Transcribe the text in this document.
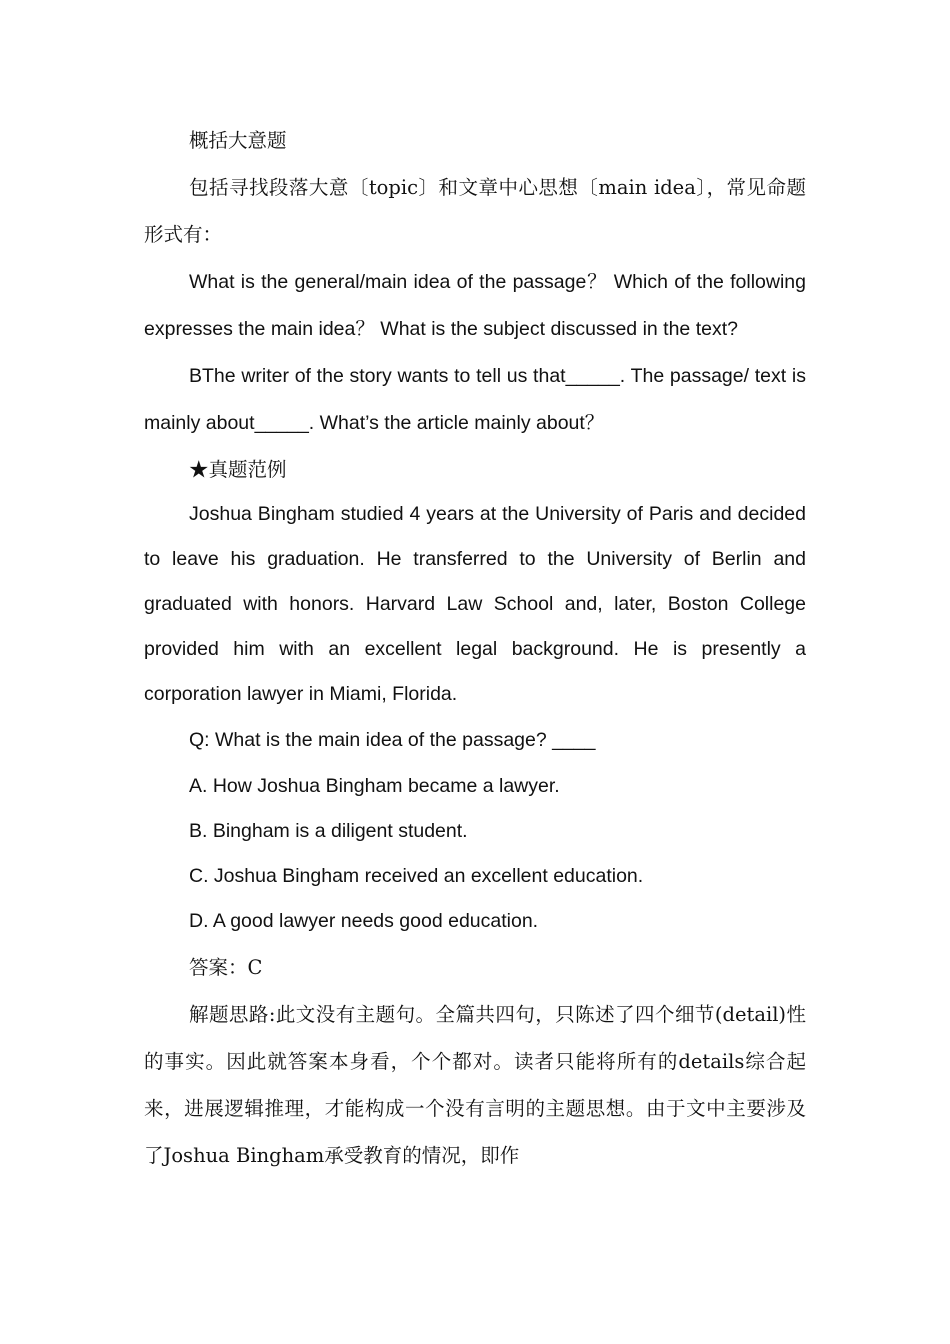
概括大意题

包括寻找段落大意〔topic〕和文章中心思想〔main idea〕，常见命题形式有：

What is the general/main idea of the passage？ Which of the following expresses the main idea？ What is the subject discussed in the text?

BThe writer of the story wants to tell us that_____. The passage/ text is mainly about_____. What’s the article mainly about？

★真题范例

Joshua Bingham studied 4 years at the University of Paris and decided to leave his graduation. He transferred to the University of Berlin and graduated with honors. Harvard Law School and, later, Boston College provided him with an excellent legal background. He is presently a corporation lawyer in Miami, Florida.

Q: What is the main idea of the passage? ____

A. How Joshua Bingham became a lawyer.

B. Bingham is a diligent student.

C. Joshua Bingham received an excellent education.

D. A good lawyer needs good education.

答案：C

解题思路:此文没有主题句。全篇共四句，只陈述了四个细节(detail)性的事实。因此就答案本身看，个个都对。读者只能将所有的details综合起来，进展逻辑推理，才能构成一个没有言明的主题思想。由于文中主要涉及了Joshua Bingham承受教育的情况，即作
